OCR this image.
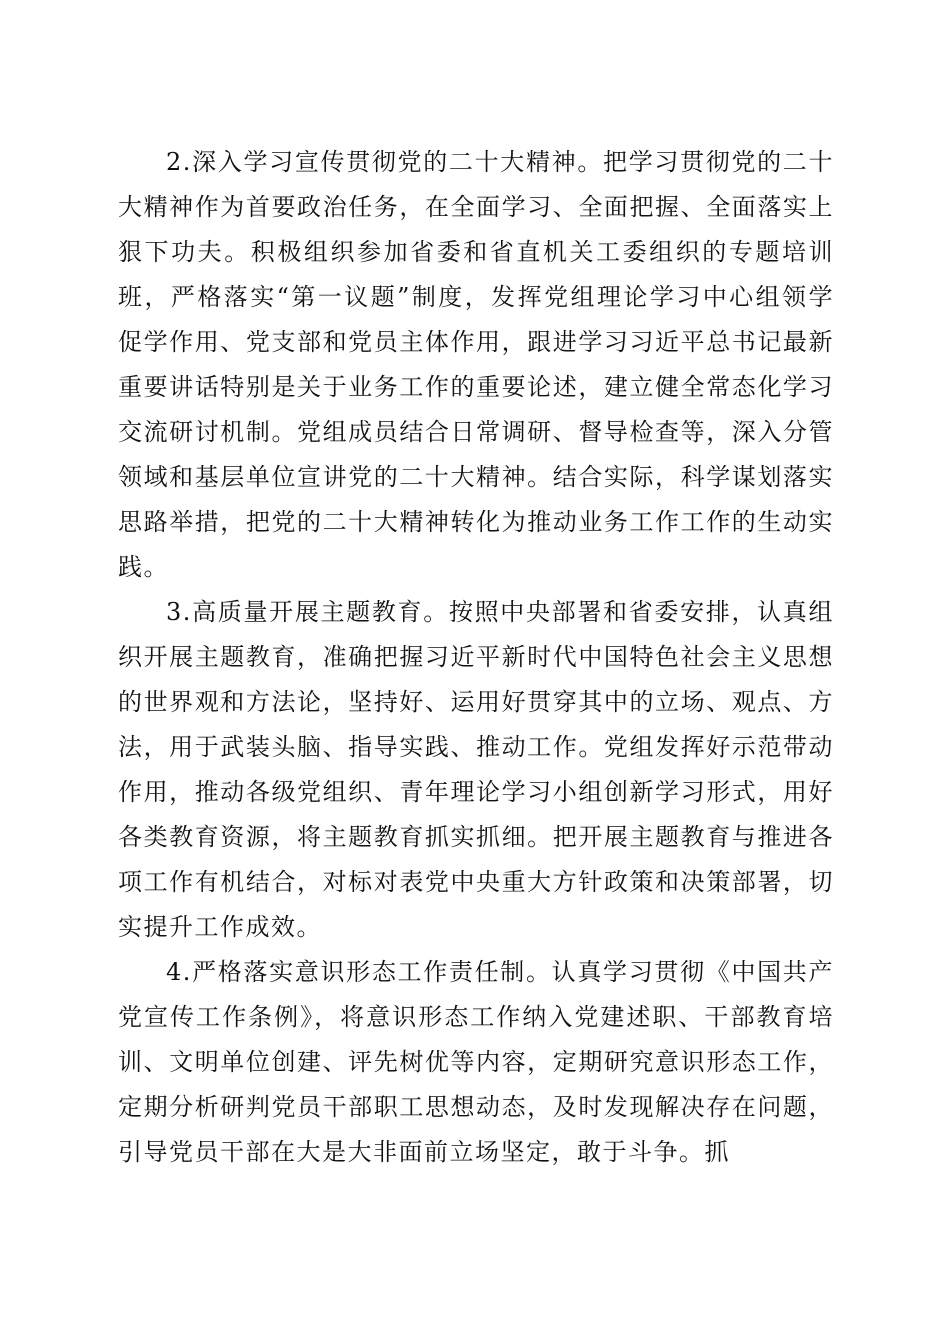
2.深入学习宣传贯彻党的二十大精神。把学习贯彻党的二十大精神作为首要政治任务，在全面学习、全面把握、全面落实上狠下功夫。积极组织参加省委和省直机关工委组织的专题培训班，严格落实“第一议题”制度，发挥党组理论学习中心组领学促学作用、党支部和党员主体作用，跟进学习习近平总书记最新重要讲话特别是关于业务工作的重要论述，建立健全常态化学习交流研讨机制。党组成员结合日常调研、督导检查等，深入分管领域和基层单位宣讲党的二十大精神。结合实际，科学谋划落实思路举措，把党的二十大精神转化为推动业务工作工作的生动实践。

3.高质量开展主题教育。按照中央部署和省委安排，认真组织开展主题教育，准确把握习近平新时代中国特色社会主义思想的世界观和方法论，坚持好、运用好贯穿其中的立场、观点、方法，用于武装头脑、指导实践、推动工作。党组发挥好示范带动作用，推动各级党组织、青年理论学习小组创新学习形式，用好各类教育资源，将主题教育抓实抓细。把开展主题教育与推进各项工作有机结合，对标对表党中央重大方针政策和决策部署，切实提升工作成效。

4.严格落实意识形态工作责任制。认真学习贯彻《中国共产党宣传工作条例》，将意识形态工作纳入党建述职、干部教育培训、文明单位创建、评先树优等内容，定期研究意识形态工作，定期分析研判党员干部职工思想动态，及时发现解决存在问题，引导党员干部在大是大非面前立场坚定，敢于斗争。抓
